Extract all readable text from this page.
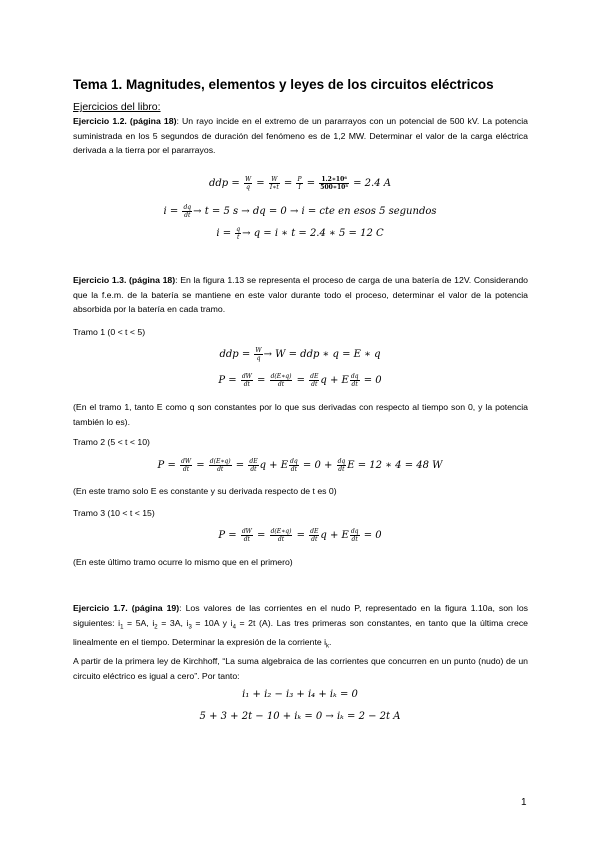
Tema 1. Magnitudes, elementos y leyes de los circuitos eléctricos
Ejercicios del libro:
Ejercicio 1.2. (página 18): Un rayo incide en el extremo de un pararrayos con un potencial de 500 kV. La potencia suministrada en los 5 segundos de duración del fenómeno es de 1,2 MW. Determinar el valor de la carga eléctrica derivada a la tierra por el pararrayos.
ddp = $\frac{W}{q} = \frac{W}{I∗t} = \frac{P}{I} = \frac{\text{1.2∗10⁶}}{\text{500∗10³}} = 2.4$ A
$i = \frac{dq}{dt} \to t = 5$ s → dq = 0 → i = cte en esos 5 segundos
$i = \frac{q}{t} \to q = i$ ∗ t = 2.4 ∗ 5 = 12 C
Ejercicio 1.3. (página 18): En la figura 1.13 se representa el proceso de carga de una batería de 12V. Considerando que la f.e.m. de la batería se mantiene en este valor durante todo el proceso, determinar el valor de la potencia absorbida por la batería en cada tramo.
Tramo 1 (0 < t < 5)
ddp = $\frac{W}{q} \to W$ = ddp ∗ q = E ∗ q
$P = \frac{dW}{dt} = \frac{d(E∗q)}{dt} = \frac{dE}{dt}$ q + E $\frac{dq}{dt} = 0$
(En el tramo 1, tanto E como q son constantes por lo que sus derivadas con respecto al tiempo son 0, y la potencia también lo es).
Tramo 2 (5 < t < 10)
$P = \frac{dW}{dt} = \frac{d(E∗q)}{dt} = \frac{dE}{dt}$ q + E $\frac{dq}{dt} = 0 + \frac{dq}{dt}$ E = 12 ∗ 4 = 48 W
(En este tramo solo E es constante y su derivada respecto de t es 0)
Tramo 3 (10 < t < 15)
$P = \frac{dW}{dt} = \frac{d(E∗q)}{dt} = \frac{dE}{dt}$ q + E $\frac{dq}{dt} = 0$
(En este último tramo ocurre lo mismo que en el primero)
Ejercicio 1.7. (página 19): Los valores de las corrientes en el nudo P, representado en la figura 1.10a, son los siguientes: $i_1 = 5A$, $i_2 = 3A$, $i_3 = 10A$ y $i_4 = 2t$ (A). Las tres primeras son constantes, en tanto que la última crece linealmente en el tiempo. Determinar la expresión de la corriente $i_k$.
A partir de la primera ley de Kirchhoff, “La suma algebraica de las corrientes que concurren en un punto (nudo) de un circuito eléctrico es igual a cero”. Por tanto:
i₁ + i₂ − i₃ + i₄ + iₖ = 0
5 + 3 + 2t − 10 + iₖ = 0 → iₖ = 2 − 2t A
1
